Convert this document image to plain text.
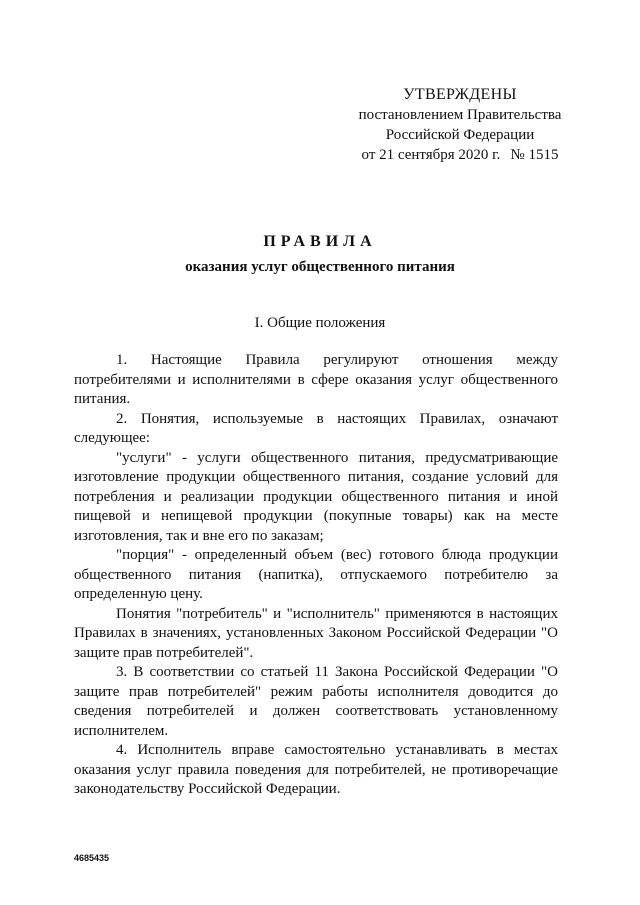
УТВЕРЖДЕНЫ
постановлением Правительства
Российской Федерации
от 21 сентября 2020 г. № 1515
ПРАВИЛА
оказания услуг общественного питания
I. Общие положения

1. Настоящие Правила регулируют отношения между потребителями и исполнителями в сфере оказания услуг общественного питания.

2. Понятия, используемые в настоящих Правилах, означают следующее:

"услуги" - услуги общественного питания, предусматривающие изготовление продукции общественного питания, создание условий для потребления и реализации продукции общественного питания и иной пищевой и непищевой продукции (покупные товары) как на месте изготовления, так и вне его по заказам;

"порция" - определенный объем (вес) готового блюда продукции общественного питания (напитка), отпускаемого потребителю за определенную цену.

Понятия "потребитель" и "исполнитель" применяются в настоящих Правилах в значениях, установленных Законом Российской Федерации "О защите прав потребителей".

3. В соответствии со статьей 11 Закона Российской Федерации "О защите прав потребителей" режим работы исполнителя доводится до сведения потребителей и должен соответствовать установленному исполнителем.

4. Исполнитель вправе самостоятельно устанавливать в местах оказания услуг правила поведения для потребителей, не противоречащие законодательству Российской Федерации.

4685435
